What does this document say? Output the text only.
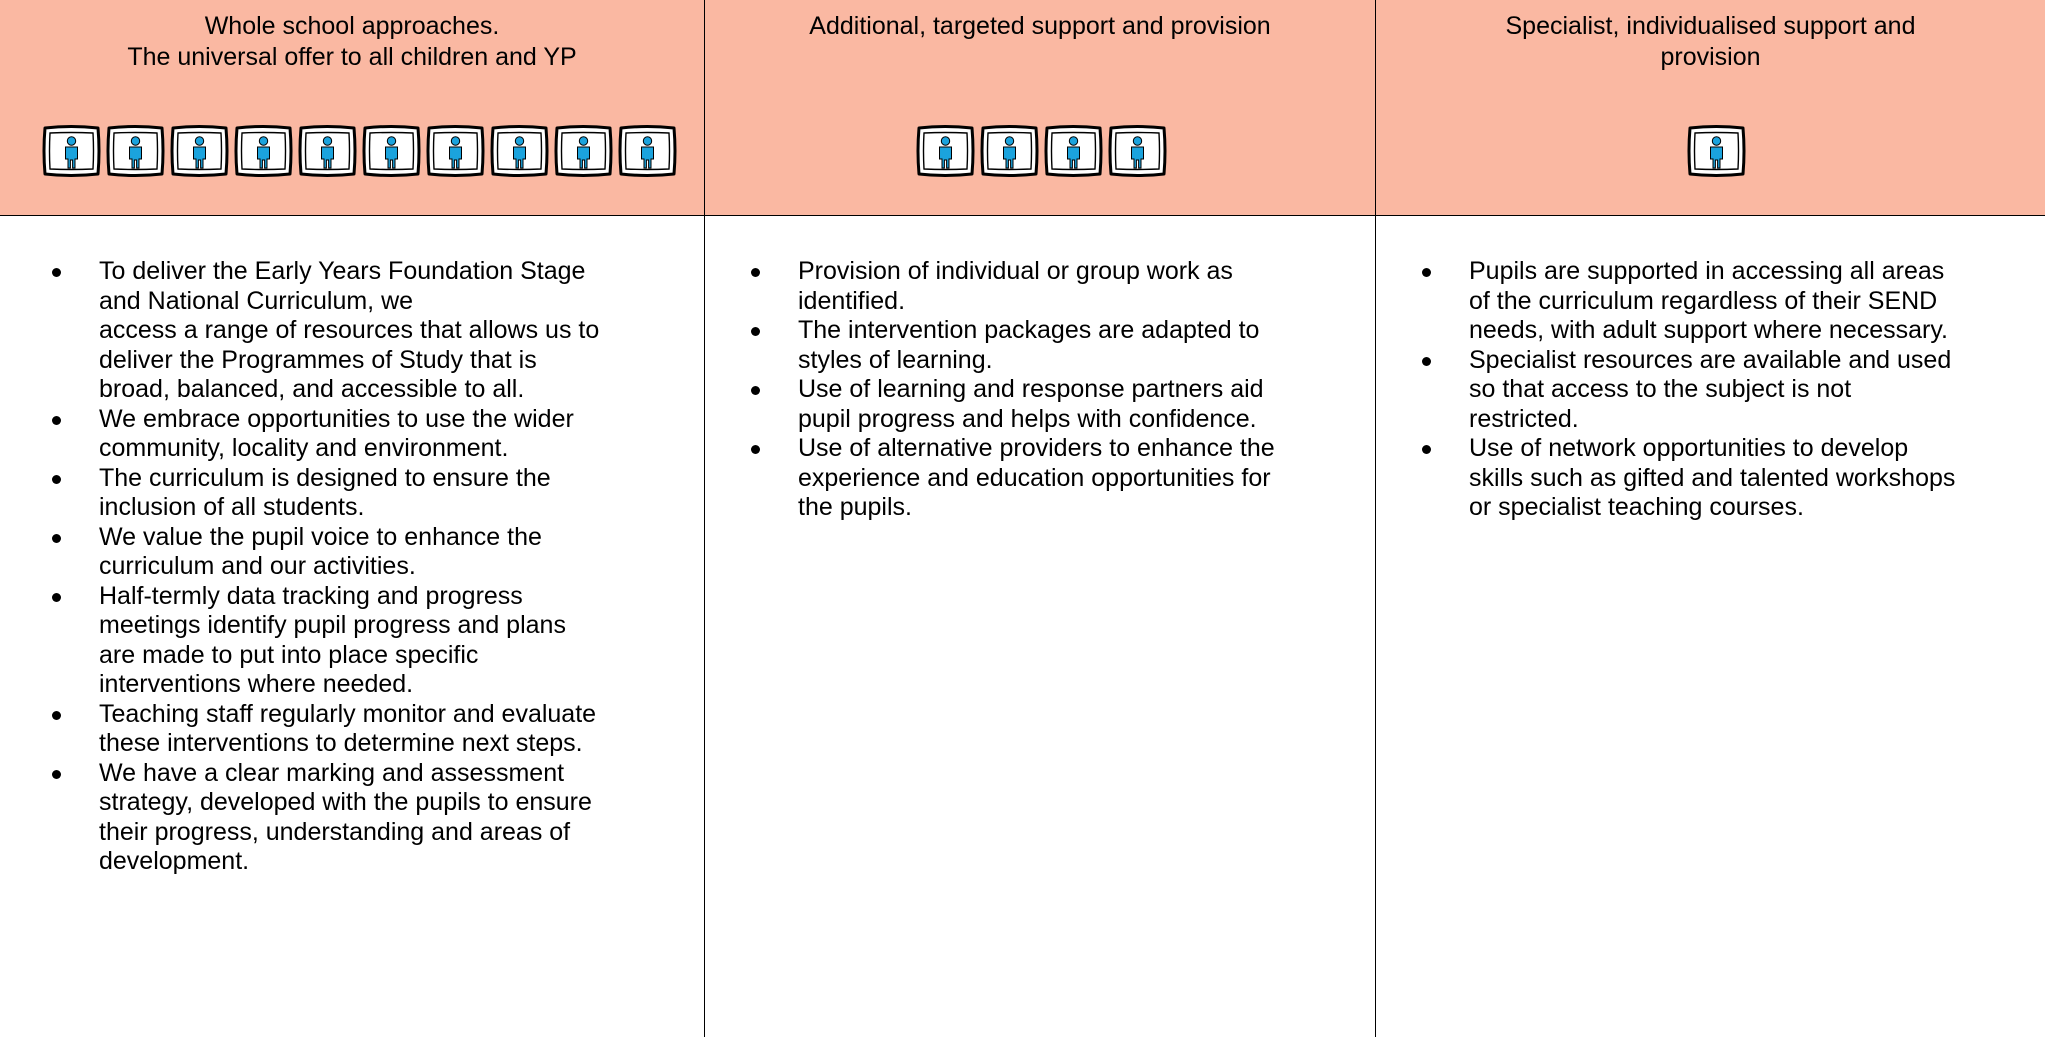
Whole school approaches.
The universal offer to all children and YP
Additional, targeted support and provision	Specialist, individualised support and
provision
To deliver the Early Years Foundation Stage
and National Curriculum, we
access a range of resources that allows us to
deliver the Programmes of Study that is
broad, balanced, and accessible to all.
We embrace opportunities to use the wider
community, locality and environment.
The curriculum is designed to ensure the
inclusion of all students.
We value the pupil voice to enhance the
curriculum and our activities.
Half-termly data tracking and progress
meetings identify pupil progress and plans
are made to put into place specific
interventions where needed.
Teaching staff regularly monitor and evaluate
these interventions to determine next steps.
We have a clear marking and assessment
strategy, developed with the pupils to ensure
their progress, understanding and areas of
development.
Provision of individual or group work as
identified.
The intervention packages are adapted to
styles of learning.
Use of learning and response partners aid
pupil progress and helps with confidence.
Use of alternative providers to enhance the
experience and education opportunities for
the pupils.
Pupils are supported in accessing all areas
of the curriculum regardless of their SEND
needs, with adult support where necessary.
Specialist resources are available and used
so that access to the subject is not
restricted.
Use of network opportunities to develop
skills such as gifted and talented workshops
or specialist teaching courses.
